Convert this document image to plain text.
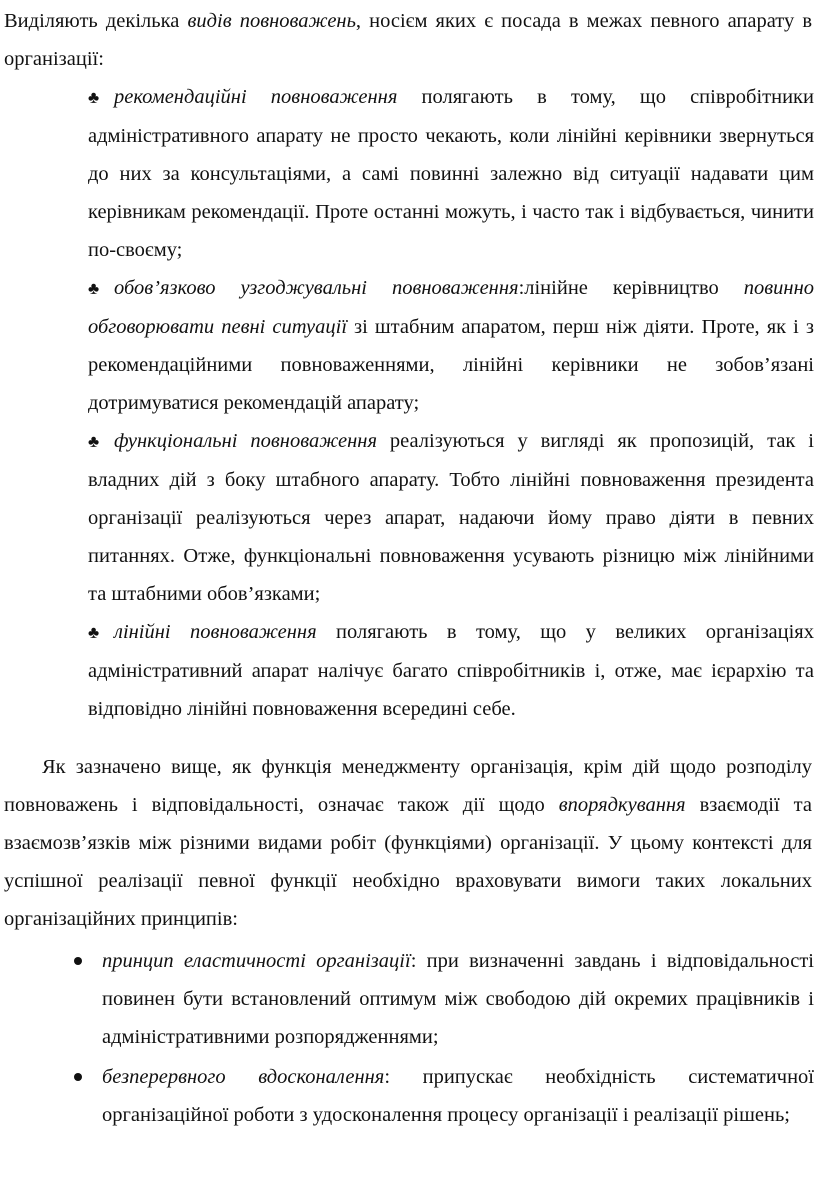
Виділяють декілька видів повноважень, носієм яких є посада в межах певного апарату в організації:

♣ рекомендаційні повноваження полягають в тому, що співробітники адміністративного апарату не просто чекають, коли лінійні керівники звернуться до них за консультаціями, а самі повинні залежно від ситуації надавати цим керівникам рекомендації. Проте останні можуть, і часто так і відбувається, чинити по-своєму;

♣ обов’язково узгоджувальні повноваження:лінійне керівництво повинно обговорювати певні ситуації зі штабним апаратом, перш ніж діяти. Проте, як і з рекомендаційними повноваженнями, лінійні керівники не зобов’язані дотримуватися рекомендацій апарату;

♣ функціональні повноваження реалізуються у вигляді як пропозицій, так і владних дій з боку штабного апарату. Тобто лінійні повноваження президента організації реалізуються через апарат, надаючи йому право діяти в певних питаннях. Отже, функціональні повноваження усувають різницю між лінійними та штабними обов’язками;

♣ лінійні повноваження полягають в тому, що у великих організаціях адміністративний апарат налічує багато співробітників і, отже, має ієрархію та відповідно лінійні повноваження всередині себе.

Як зазначено вище, як функція менеджменту організація, крім дій щодо розподілу повноважень і відповідальності, означає також дії щодо впорядкування взаємодії та взаємозв’язків між різними видами робіт (функціями) організації. У цьому контексті для успішної реалізації певної функції необхідно враховувати вимоги таких локальних організаційних принципів:

принцип еластичності організації: при визначенні завдань і відповідальності повинен бути встановлений оптимум між свободою дій окремих працівників і адміністративними розпорядженнями;

безперервного вдосконалення: припускає необхідність систематичної організаційної роботи з удосконалення процесу організації і реалізації рішень;
